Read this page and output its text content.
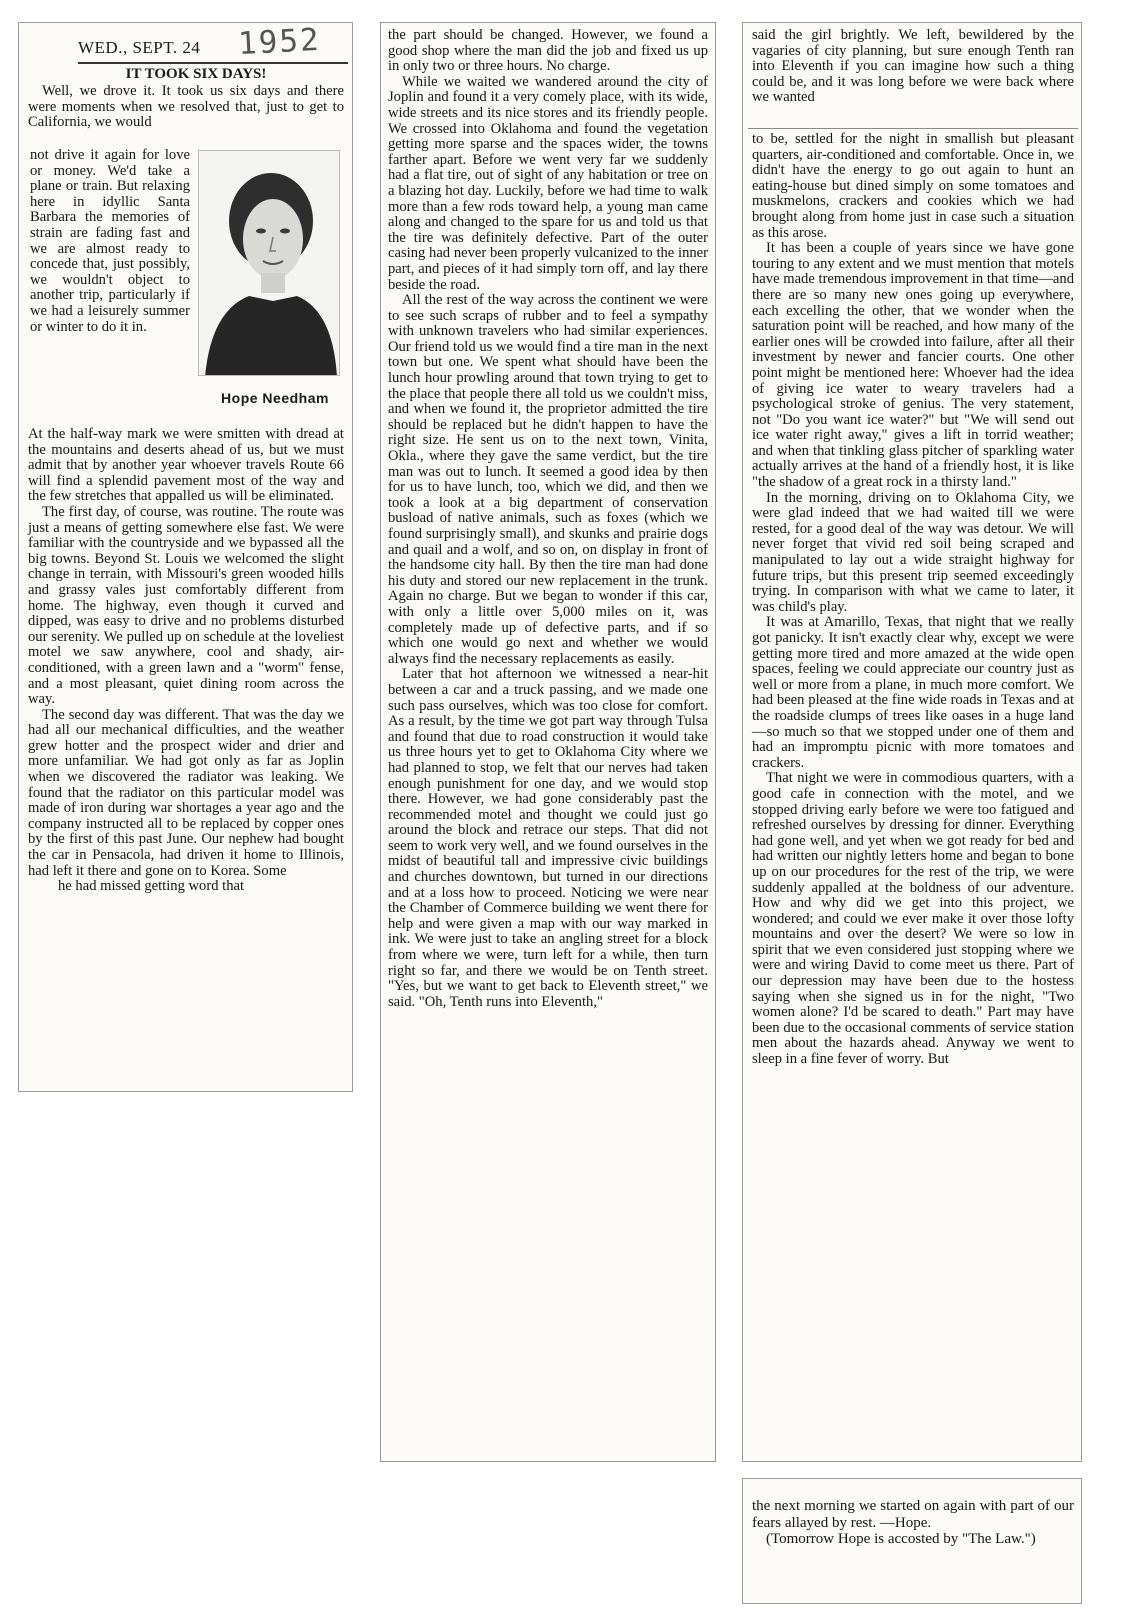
WED., SEPT. 24 1952
IT TOOK SIX DAYS!

Well, we drove it. It took us six days and there were moments when we resolved that, just to get to California, we would

not drive it again for love or money. We'd take a plane or train. But relaxing here in idyllic Santa Barbara the memories of strain are fading fast and we are almost ready to concede that, just possibly, we wouldn't object to another trip, particularly if we had a leisurely summer or winter to do it in.
Hope Needham

At the half-way mark we were smitten with dread at the mountains and deserts ahead of us, but we must admit that by another year whoever travels Route 66 will find a splendid pavement most of the way and the few stretches that appalled us will be eliminated.

The first day, of course, was routine. The route was just a means of getting somewhere else fast. We were familiar with the countryside and we bypassed all the big towns. Beyond St. Louis we welcomed the slight change in terrain, with Missouri's green wooded hills and grassy vales just comfortably different from home. The highway, even though it curved and dipped, was easy to drive and no problems disturbed our serenity. We pulled up on schedule at the loveliest motel we saw anywhere, cool and shady, air-conditioned, with a green lawn and a "worm" fense, and a most pleasant, quiet dining room across the way.

The second day was different. That was the day we had all our mechanical difficulties, and the weather grew hotter and the prospect wider and drier and more unfamiliar. We had got only as far as Joplin when we discovered the radiator was leaking. We found that the radiator on this particular model was made of iron during war shortages a year ago and the company instructed all to be replaced by copper ones by the first of this past June. Our nephew had bought the car in Pensacola, had driven it home to Illinois, had left it there and gone on to Korea. Some

he had missed getting word that

the part should be changed. However, we found a good shop where the man did the job and fixed us up in only two or three hours. No charge.

While we waited we wandered around the city of Joplin and found it a very comely place, with its wide, wide streets and its nice stores and its friendly people. We crossed into Oklahoma and found the vegetation getting more sparse and the spaces wider, the towns farther apart. Before we went very far we suddenly had a flat tire, out of sight of any habitation or tree on a blazing hot day. Luckily, before we had time to walk more than a few rods toward help, a young man came along and changed to the spare for us and told us that the tire was definitely defective. Part of the outer casing had never been properly vulcanized to the inner part, and pieces of it had simply torn off, and lay there beside the road.

All the rest of the way across the continent we were to see such scraps of rubber and to feel a sympathy with unknown travelers who had similar experiences. Our friend told us we would find a tire man in the next town but one. We spent what should have been the lunch hour prowling around that town trying to get to the place that people there all told us we couldn't miss, and when we found it, the proprietor admitted the tire should be replaced but he didn't happen to have the right size. He sent us on to the next town, Vinita, Okla., where they gave the same verdict, but the tire man was out to lunch. It seemed a good idea by then for us to have lunch, too, which we did, and then we took a look at a big department of conservation busload of native animals, such as foxes (which we found surprisingly small), and skunks and prairie dogs and quail and a wolf, and so on, on display in front of the handsome city hall. By then the tire man had done his duty and stored our new replacement in the trunk. Again no charge. But we began to wonder if this car, with only a little over 5,000 miles on it, was completely made up of defective parts, and if so which one would go next and whether we would always find the necessary replacements as easily.

Later that hot afternoon we witnessed a near-hit between a car and a truck passing, and we made one such pass ourselves, which was too close for comfort. As a result, by the time we got part way through Tulsa and found that due to road construction it would take us three hours yet to get to Oklahoma City where we had planned to stop, we felt that our nerves had taken enough punishment for one day, and we would stop there. However, we had gone considerably past the recommended motel and thought we could just go around the block and retrace our steps. That did not seem to work very well, and we found ourselves in the midst of beautiful tall and impressive civic buildings and churches downtown, but turned in our directions and at a loss how to proceed. Noticing we were near the Chamber of Commerce building we went there for help and were given a map with our way marked in ink. We were just to take an angling street for a block from where we were, turn left for a while, then turn right so far, and there we would be on Tenth street. "Yes, but we want to get back to Eleventh street," we said. "Oh, Tenth runs into Eleventh,"

said the girl brightly. We left, bewildered by the vagaries of city planning, but sure enough Tenth ran into Eleventh if you can imagine how such a thing could be, and it was long before we were back where we wanted

to be, settled for the night in smallish but pleasant quarters, air-conditioned and comfortable. Once in, we didn't have the energy to go out again to hunt an eating-house but dined simply on some tomatoes and muskmelons, crackers and cookies which we had brought along from home just in case such a situation as this arose.

It has been a couple of years since we have gone touring to any extent and we must mention that motels have made tremendous improvement in that time—and there are so many new ones going up everywhere, each excelling the other, that we wonder when the saturation point will be reached, and how many of the earlier ones will be crowded into failure, after all their investment by newer and fancier courts. One other point might be mentioned here: Whoever had the idea of giving ice water to weary travelers had a psychological stroke of genius. The very statement, not "Do you want ice water?" but "We will send out ice water right away," gives a lift in torrid weather; and when that tinkling glass pitcher of sparkling water actually arrives at the hand of a friendly host, it is like "the shadow of a great rock in a thirsty land."

In the morning, driving on to Oklahoma City, we were glad indeed that we had waited till we were rested, for a good deal of the way was detour. We will never forget that vivid red soil being scraped and manipulated to lay out a wide straight highway for future trips, but this present trip seemed exceedingly trying. In comparison with what we came to later, it was child's play.

It was at Amarillo, Texas, that night that we really got panicky. It isn't exactly clear why, except we were getting more tired and more amazed at the wide open spaces, feeling we could appreciate our country just as well or more from a plane, in much more comfort. We had been pleased at the fine wide roads in Texas and at the roadside clumps of trees like oases in a huge land—so much so that we stopped under one of them and had an impromptu picnic with more tomatoes and crackers.

That night we were in commodious quarters, with a good cafe in connection with the motel, and we stopped driving early before we were too fatigued and refreshed ourselves by dressing for dinner. Everything had gone well, and yet when we got ready for bed and had written our nightly letters home and began to bone up on our procedures for the rest of the trip, we were suddenly appalled at the boldness of our adventure. How and why did we get into this project, we wondered; and could we ever make it over those lofty mountains and over the desert? We were so low in spirit that we even considered just stopping where we were and wiring David to come meet us there. Part of our depression may have been due to the hostess saying when she signed us in for the night, "Two women alone? I'd be scared to death." Part may have been due to the occasional comments of service station men about the hazards ahead. Anyway we went to sleep in a fine fever of worry. But

the next morning we started on again with part of our fears allayed by rest. —Hope.

(Tomorrow Hope is accosted by "The Law.")
